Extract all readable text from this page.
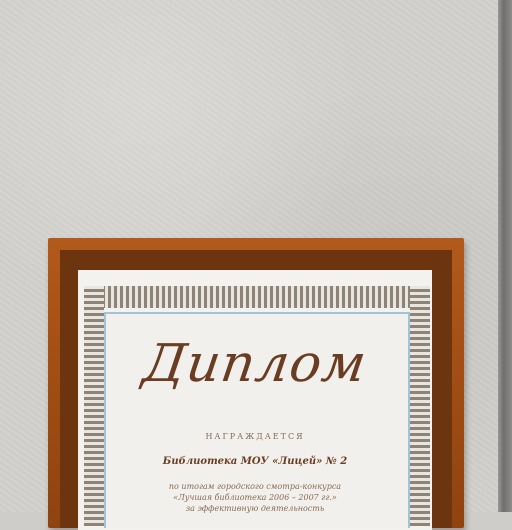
Диплом
НАГРАЖДАЕТСЯ
Библиотека МОУ «Лицей» № 2
по итогам городского смотра-конкурса
«Лучшая библиотека 2006 – 2007 гг.»
за эффективную деятельность
